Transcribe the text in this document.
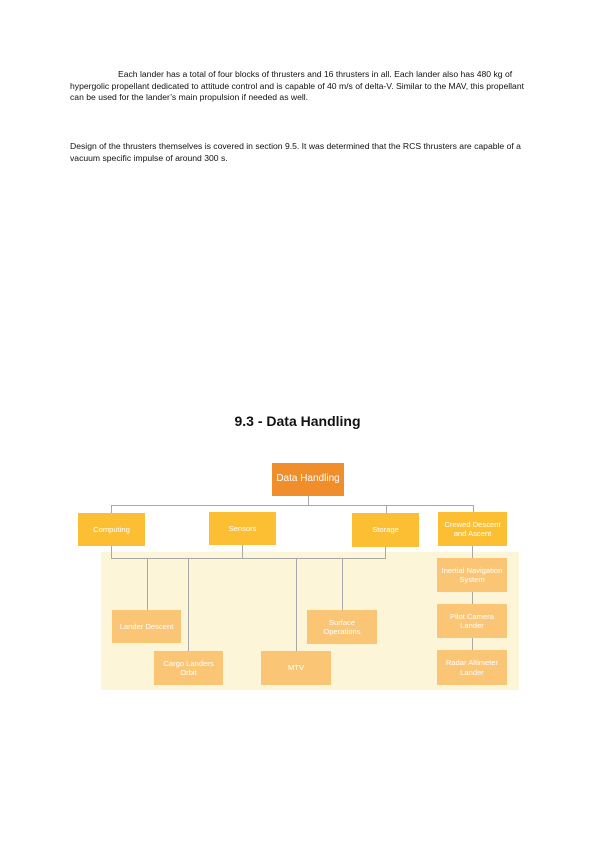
Each lander has a total of four blocks of thrusters and 16 thrusters in all. Each lander also has 480 kg of hypergolic propellant dedicated to attitude control and is capable of 40 m/s of delta-V. Similar to the MAV, this propellant can be used for the lander’s main propulsion if needed as well.

Design of the thrusters themselves is covered in section 9.5. It was determined that the RCS thrusters are capable of a vacuum specific impulse of around 300 s.

9.3 - Data Handling
Data Handling
Computing	Sensors	Storage
Crewed Descent and Ascent
Inertial Navigation System
Pilot Camera Lander
Radar Altimeter Lander
Lander Descent
Cargo Landers Orbit
MTV
Surface Operations
